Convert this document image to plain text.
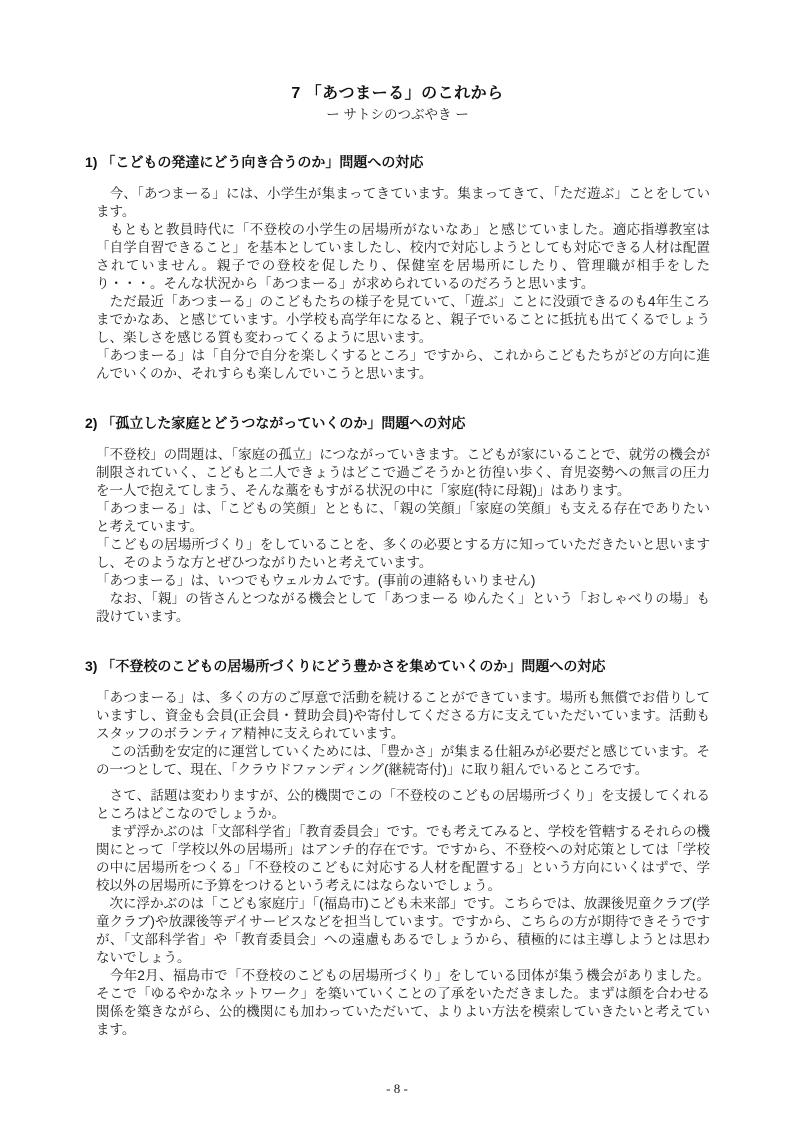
7 「あつまーる」のこれから
ー サトシのつぶやき ー
1) 「こどもの発達にどう向き合うのか」問題への対応

　今、「あつまーる」には、小学生が集まってきています。集まってきて、「ただ遊ぶ」ことをしています。

　もともと教員時代に「不登校の小学生の居場所がないなあ」と感じていました。適応指導教室は「自学自習できること」を基本としていましたし、校内で対応しようとしても対応できる人材は配置されていません。親子での登校を促したり、保健室を居場所にしたり、管理職が相手をしたり・・・。そんな状況から「あつまーる」が求められているのだろうと思います。

　ただ最近「あつまーる」のこどもたちの様子を見ていて、「遊ぶ」ことに没頭できるのも4年生ころまでかなあ、と感じています。小学校も高学年になると、親子でいることに抵抗も出てくるでしょうし、楽しさを感じる質も変わってくるように思います。

「あつまーる」は「自分で自分を楽しくするところ」ですから、これからこどもたちがどの方向に進んでいくのか、それすらも楽しんでいこうと思います。

2) 「孤立した家庭とどうつながっていくのか」問題への対応

「不登校」の問題は、「家庭の孤立」につながっていきます。こどもが家にいることで、就労の機会が制限されていく、こどもと二人できょうはどこで過ごそうかと彷徨い歩く、育児姿勢への無言の圧力を一人で抱えてしまう、そんな藁をもすがる状況の中に「家庭(特に母親)」はあります。

「あつまーる」は、「こどもの笑顔」とともに、「親の笑顔」「家庭の笑顔」も支える存在でありたいと考えています。

「こどもの居場所づくり」をしていることを、多くの必要とする方に知っていただきたいと思いますし、そのような方とぜひつながりたいと考えています。

「あつまーる」は、いつでもウェルカムです。(事前の連絡もいりません)

　なお、「親」の皆さんとつながる機会として「あつまーる ゆんたく」という「おしゃべりの場」も設けています。

3) 「不登校のこどもの居場所づくりにどう豊かさを集めていくのか」問題への対応

「あつまーる」は、多くの方のご厚意で活動を続けることができています。場所も無償でお借りしていますし、資金も会員(正会員・賛助会員)や寄付してくださる方に支えていただいています。活動もスタッフのボランティア精神に支えられています。

　この活動を安定的に運営していくためには、「豊かさ」が集まる仕組みが必要だと感じています。その一つとして、現在、「クラウドファンディング(継続寄付)」に取り組んでいるところです。

　さて、話題は変わりますが、公的機関でこの「不登校のこどもの居場所づくり」を支援してくれるところはどこなのでしょうか。

　まず浮かぶのは「文部科学省」「教育委員会」です。でも考えてみると、学校を管轄するそれらの機関にとって「学校以外の居場所」はアンチ的存在です。ですから、不登校への対応策としては「学校の中に居場所をつくる」「不登校のこどもに対応する人材を配置する」という方向にいくはずで、学校以外の居場所に予算をつけるという考えにはならないでしょう。

　次に浮かぶのは「こども家庭庁」「(福島市)こども未来部」です。こちらでは、放課後児童クラブ(学童クラブ)や放課後等デイサービスなどを担当しています。ですから、こちらの方が期待できそうですが、「文部科学省」や「教育委員会」への遠慮もあるでしょうから、積極的には主導しようとは思わないでしょう。

　今年2月、福島市で「不登校のこどもの居場所づくり」をしている団体が集う機会がありました。そこで「ゆるやかなネットワーク」を築いていくことの了承をいただきました。まずは顔を合わせる関係を築きながら、公的機関にも加わっていただいて、よりよい方法を模索していきたいと考えています。

- 8 -
